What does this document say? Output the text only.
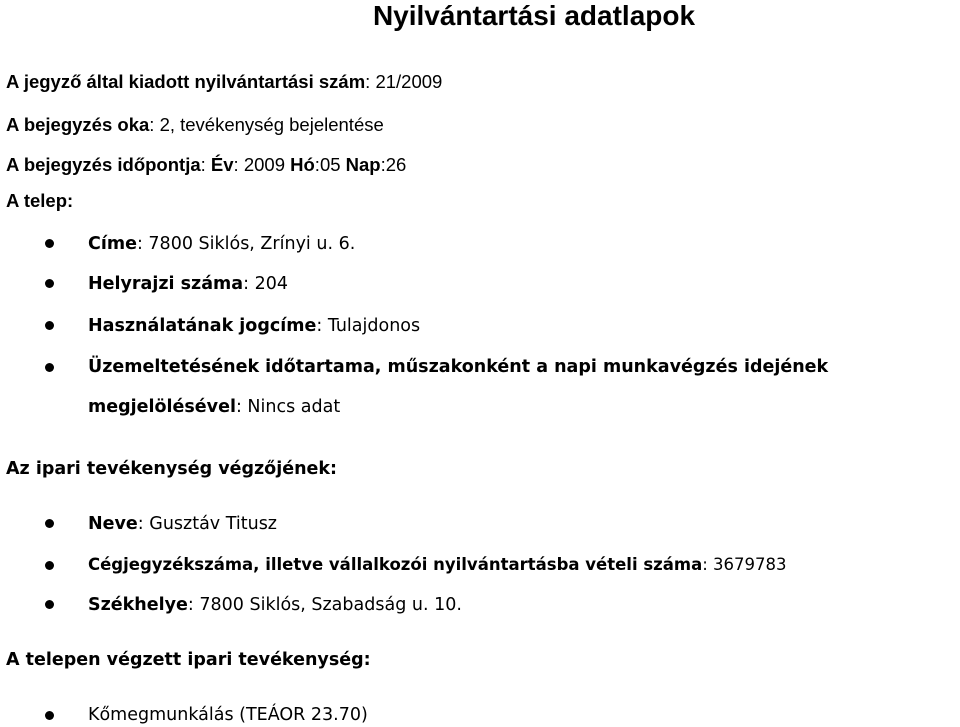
Nyilvántartási adatlapok
A jegyző által kiadott nyilvántartási szám: 21/2009
A bejegyzés oka: 2, tevékenység bejelentése
A bejegyzés időpontja: Év: 2009 Hó:05 Nap:26
A telep:
Címe: 7800 Siklós, Zrínyi u. 6.
Helyrajzi száma: 204
Használatának jogcíme: Tulajdonos
Üzemeltetésének időtartama, műszakonként a napi munkavégzés idejének
megjelölésével: Nincs adat
Az ipari tevékenység végzőjének:
Neve: Gusztáv Titusz
Cégjegyzékszáma, illetve vállalkozói nyilvántartásba vételi száma: 3679783
Székhelye: 7800 Siklós, Szabadság u. 10.
A telepen végzett ipari tevékenység:
Kőmegmunkálás (TEÁOR 23.70)
